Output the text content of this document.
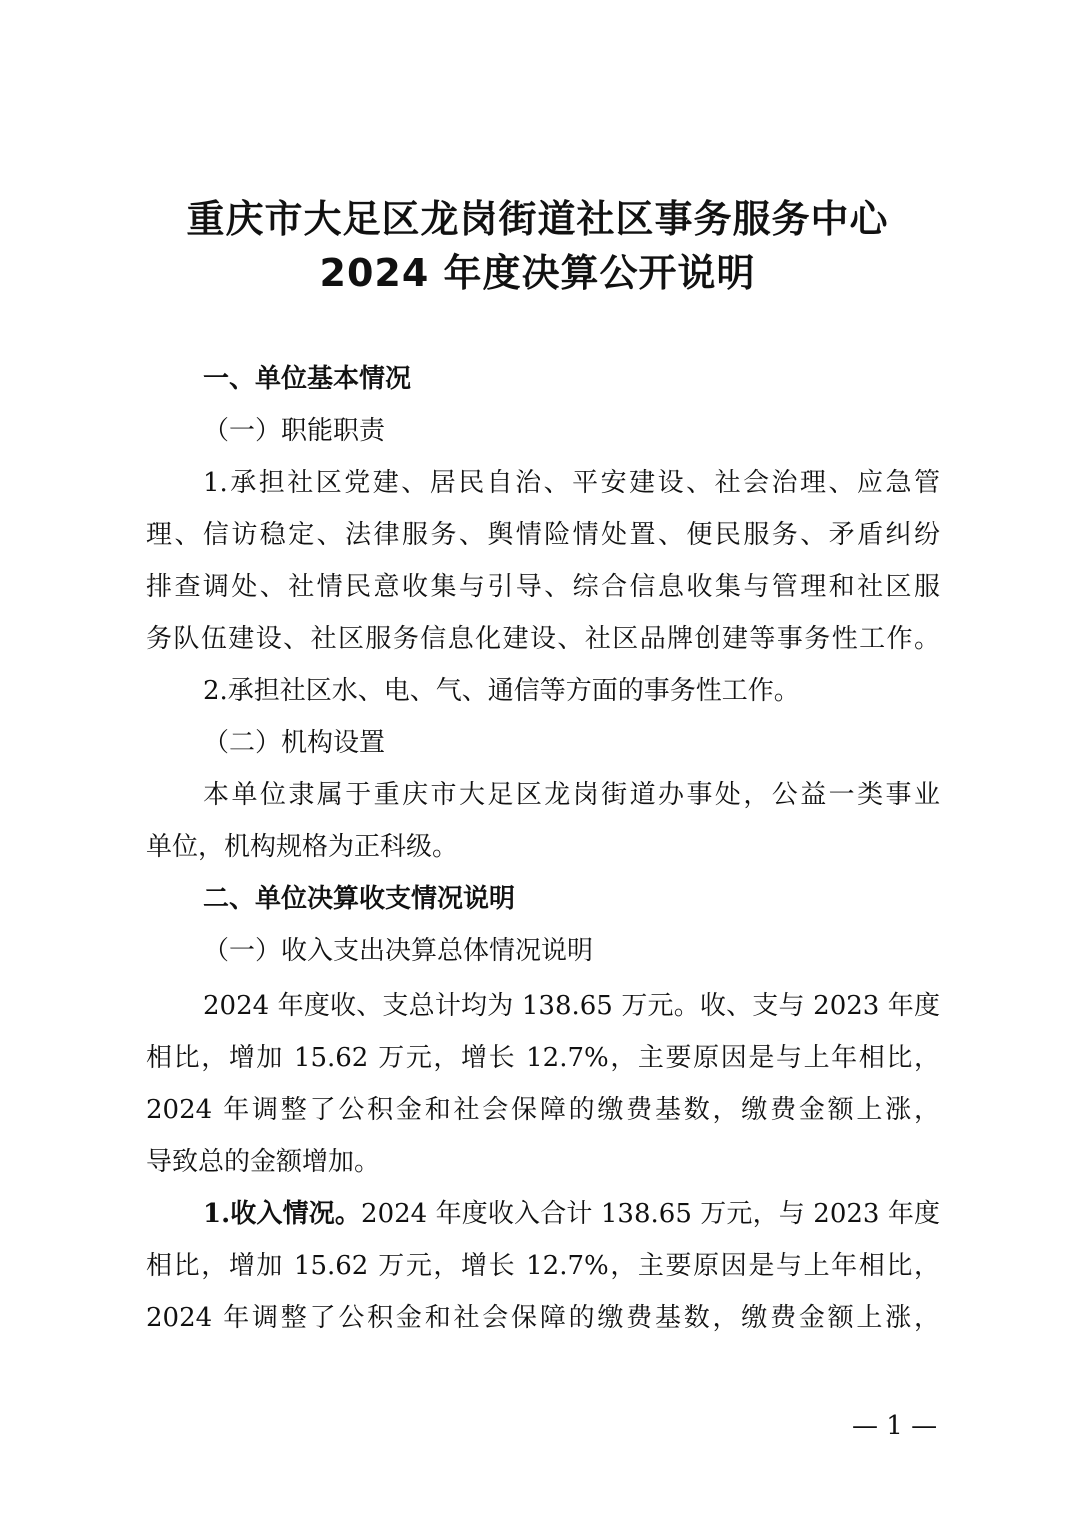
重庆市大足区龙岗街道社区事务服务中心
2024 年度决算公开说明
一、单位基本情况
（一）职能职责
1.承担社区党建、居民自治、平安建设、社会治理、应急管
理、信访稳定、法律服务、舆情险情处置、便民服务、矛盾纠纷
排查调处、社情民意收集与引导、综合信息收集与管理和社区服
务队伍建设、社区服务信息化建设、社区品牌创建等事务性工作。
2.承担社区水、电、气、通信等方面的事务性工作。
（二）机构设置
本单位隶属于重庆市大足区龙岗街道办事处，公益一类事业
单位，机构规格为正科级。
二、单位决算收支情况说明
（一）收入支出决算总体情况说明
2024 年度收、支总计均为 138.65 万元。收、支与 2023 年度
相比，增加 15.62 万元，增长 12.7%，主要原因是与上年相比，
2024 年调整了公积金和社会保障的缴费基数，缴费金额上涨，
导致总的金额增加。
1.收入情况。2024 年度收入合计 138.65 万元，与 2023 年度
相比，增加 15.62 万元，增长 12.7%，主要原因是与上年相比，
2024 年调整了公积金和社会保障的缴费基数，缴费金额上涨，
— 1 —
